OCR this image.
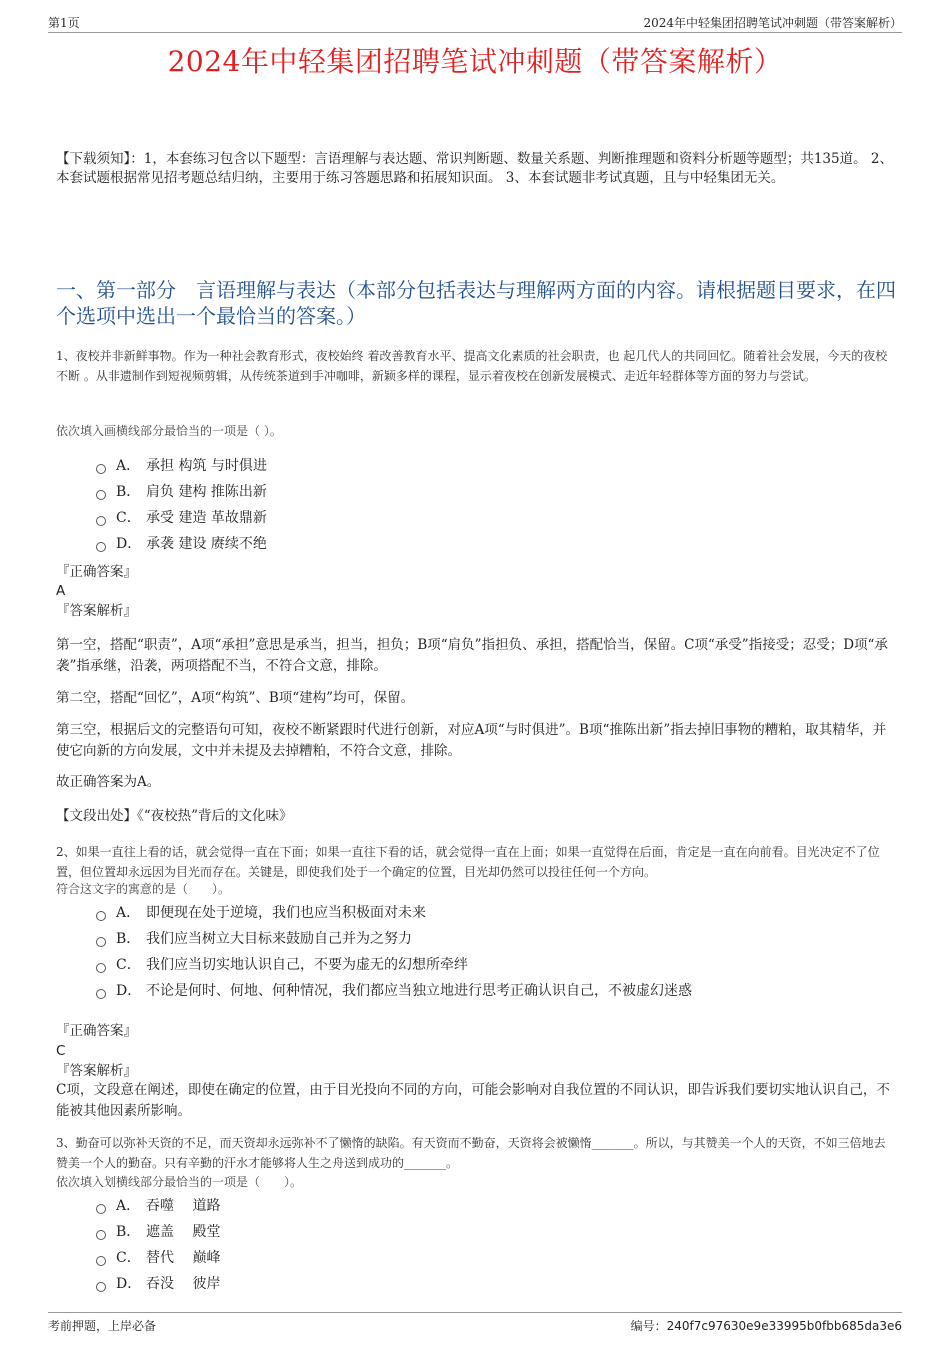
第1页	2024年中轻集团招聘笔试冲刺题（带答案解析）
2024年中轻集团招聘笔试冲刺题（带答案解析）
【下载须知】：1，本套练习包含以下题型：言语理解与表达题、常识判断题、数量关系题、判断推理题和资料分析题等题型；共135道。 2、本套试题根据常见招考题总结归纳，主要用于练习答题思路和拓展知识面。 3、本套试题非考试真题，且与中轻集团无关。
一、第一部分　言语理解与表达（本部分包括表达与理解两方面的内容。请根据题目要求，在四个选项中选出一个最恰当的答案。）
1、夜校并非新鲜事物。作为一种社会教育形式，夜校始终 着改善教育水平、提高文化素质的社会职责，也 起几代人的共同回忆。随着社会发展，今天的夜校不断 。从非遗制作到短视频剪辑，从传统茶道到手冲咖啡，新颖多样的课程，显示着夜校在创新发展模式、走近年轻群体等方面的努力与尝试。
依次填入画横线部分最恰当的一项是（ ）。
A． 承担 构筑 与时俱进
B． 肩负 建构 推陈出新
C． 承受 建造 革故鼎新
D． 承袭 建设 赓续不绝
『正确答案』
A
『答案解析』

第一空，搭配“职责”，A项“承担”意思是承当，担当，担负；B项“肩负”指担负、承担，搭配恰当，保留。C项“承受”指接受；忍受；D项“承袭”指承继，沿袭，两项搭配不当，不符合文意，排除。

第二空，搭配“回忆”，A项“构筑”、B项“建构”均可，保留。

第三空，根据后文的完整语句可知，夜校不断紧跟时代进行创新，对应A项“与时俱进”。B项“推陈出新”指去掉旧事物的糟粕，取其精华，并使它向新的方向发展，文中并未提及去掉糟粕，不符合文意，排除。

故正确答案为A。

【文段出处】《“夜校热”背后的文化味》

2、如果一直往上看的话，就会觉得一直在下面；如果一直往下看的话，就会觉得一直在上面；如果一直觉得在后面，肯定是一直在向前看。目光决定不了位置，但位置却永远因为目光而存在。关键是，即使我们处于一个确定的位置，目光却仍然可以投往任何一个方向。
符合这文字的寓意的是（　　）。
A． 即便现在处于逆境，我们也应当积极面对未来
B． 我们应当树立大目标来鼓励自己并为之努力
C． 我们应当切实地认识自己，不要为虚无的幻想所牵绊
D． 不论是何时、何地、何种情况，我们都应当独立地进行思考正确认识自己，不被虚幻迷惑
『正确答案』
C
『答案解析』

C项，文段意在阐述，即使在确定的位置，由于目光投向不同的方向，可能会影响对自我位置的不同认识，即告诉我们要切实地认识自己，不能被其他因素所影响。

3、勤奋可以弥补天资的不足，而天资却永远弥补不了懒惰的缺陷。有天资而不勤奋，天资将会被懒惰_______。所以，与其赞美一个人的天资，不如三倍地去赞美一个人的勤奋。只有辛勤的汗水才能够将人生之舟送到成功的_______。
依次填入划横线部分最恰当的一项是（　　）。
A． 吞噬　 道路
B． 遮盖　 殿堂
C． 替代　 巅峰
D． 吞没　 彼岸
考前押题，上岸必备	编号：240f7c97630e9e33995b0fbb685da3e6
